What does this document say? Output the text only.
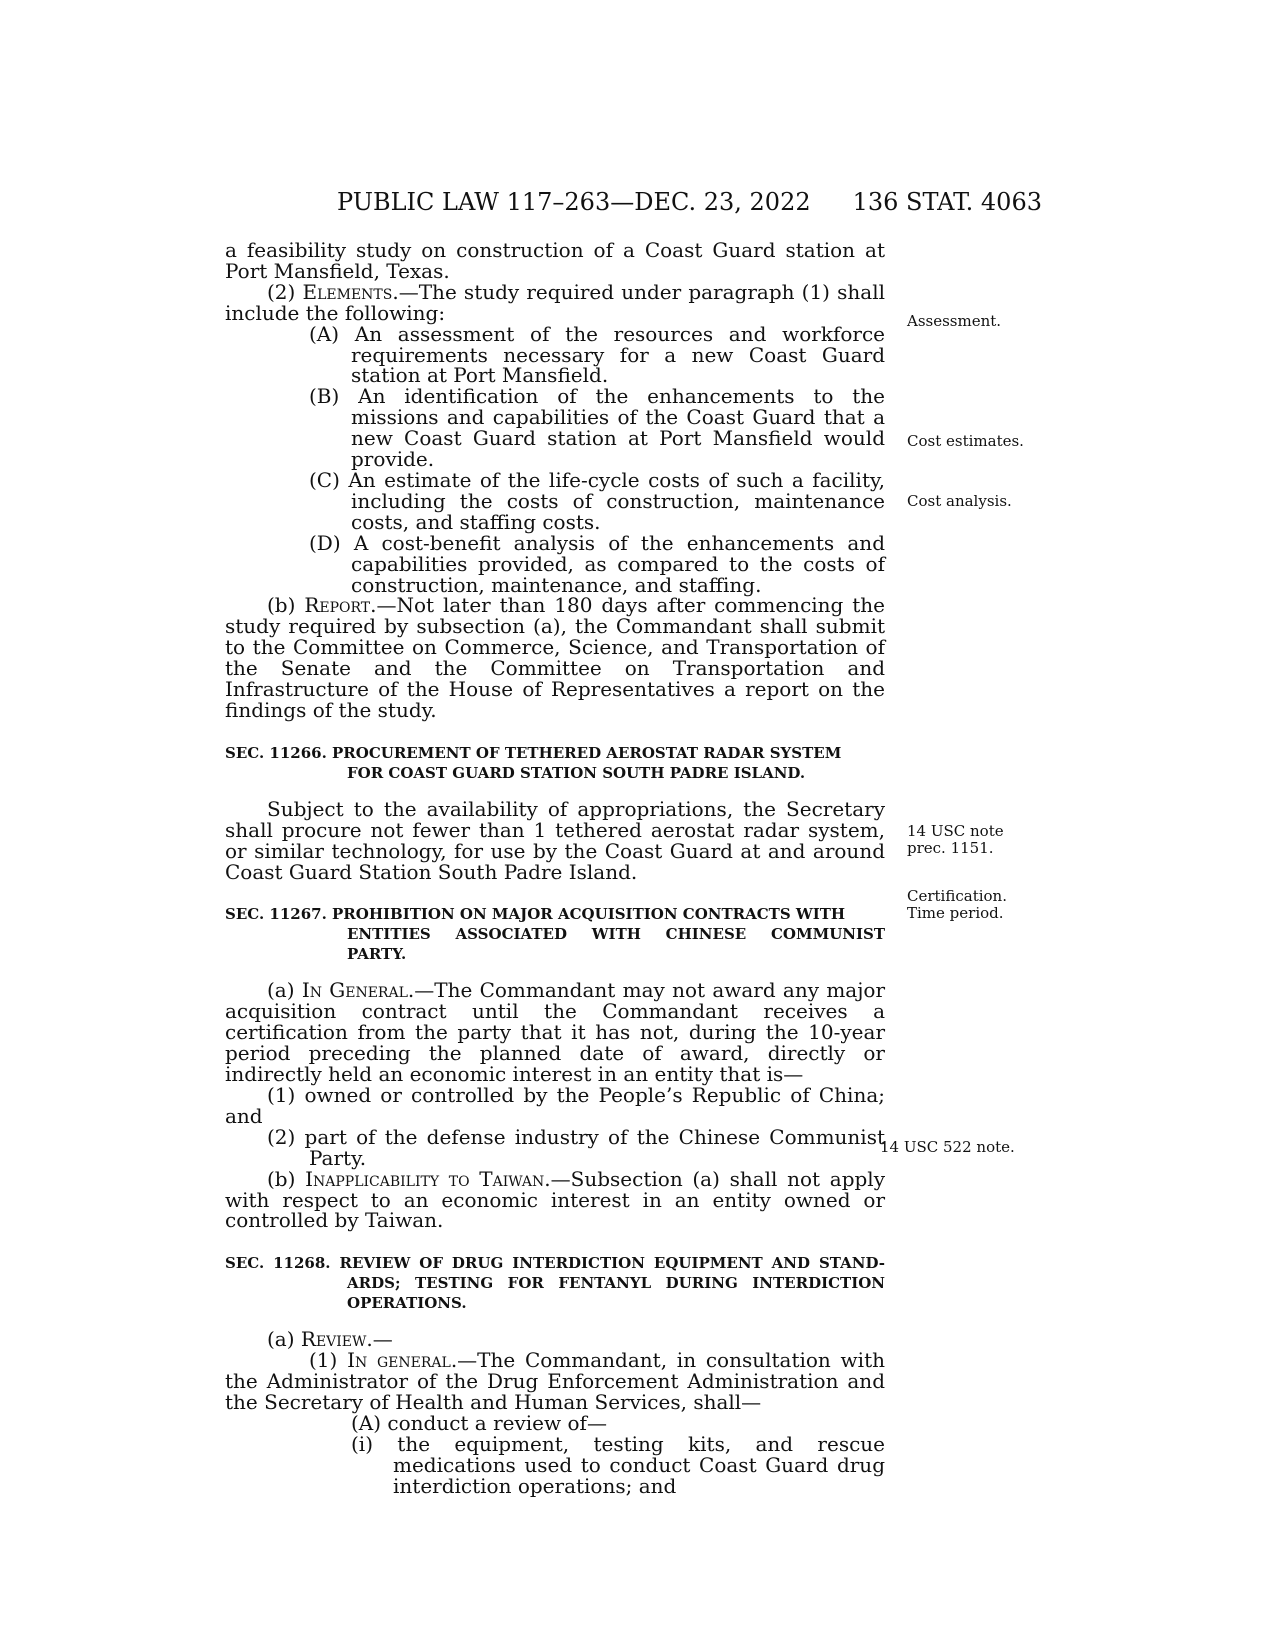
PUBLIC LAW 117–263—DEC. 23, 2022 136 STAT. 4063

a feasibility study on construction of a Coast Guard station at Port Mansfield, Texas.

(2) Elements.—The study required under paragraph (1) shall include the following:

(A) An assessment of the resources and workforce requirements necessary for a new Coast Guard station at Port Mansfield.

(B) An identification of the enhancements to the missions and capabilities of the Coast Guard that a new Coast Guard station at Port Mansfield would provide.

(C) An estimate of the life-cycle costs of such a facility, including the costs of construction, maintenance costs, and staffing costs.

(D) A cost-benefit analysis of the enhancements and capabilities provided, as compared to the costs of construction, maintenance, and staffing.

(b) Report.—Not later than 180 days after commencing the study required by subsection (a), the Commandant shall submit to the Committee on Commerce, Science, and Transportation of the Senate and the Committee on Transportation and Infrastructure of the House of Representatives a report on the findings of the study.

SEC. 11266. PROCUREMENT OF TETHERED AEROSTAT RADAR SYSTEM
FOR COAST GUARD STATION SOUTH PADRE ISLAND.

Subject to the availability of appropriations, the Secretary shall procure not fewer than 1 tethered aerostat radar system, or similar technology, for use by the Coast Guard at and around Coast Guard Station South Padre Island.

SEC. 11267. PROHIBITION ON MAJOR ACQUISITION CONTRACTS WITH
ENTITIES ASSOCIATED WITH CHINESE COMMUNIST
PARTY.

(a) In General.—The Commandant may not award any major acquisition contract until the Commandant receives a certification from the party that it has not, during the 10-year period preceding the planned date of award, directly or indirectly held an economic interest in an entity that is—

(1) owned or controlled by the People’s Republic of China; and

(2) part of the defense industry of the Chinese Communist Party.

(b) Inapplicability to Taiwan.—Subsection (a) shall not apply with respect to an economic interest in an entity owned or controlled by Taiwan.

SEC. 11268. REVIEW OF DRUG INTERDICTION EQUIPMENT AND STAND-
ARDS; TESTING FOR FENTANYL DURING INTERDICTION
OPERATIONS.

(a) Review.—

(1) In general.—The Commandant, in consultation with the Administrator of the Drug Enforcement Administration and the Secretary of Health and Human Services, shall—

(A) conduct a review of—

(i) the equipment, testing kits, and rescue medications used to conduct Coast Guard drug interdiction operations; and

Assessment.
Cost estimates.
Cost analysis.
14 USC note
prec. 1151.
Certification.
Time period.
14 USC 522 note.
